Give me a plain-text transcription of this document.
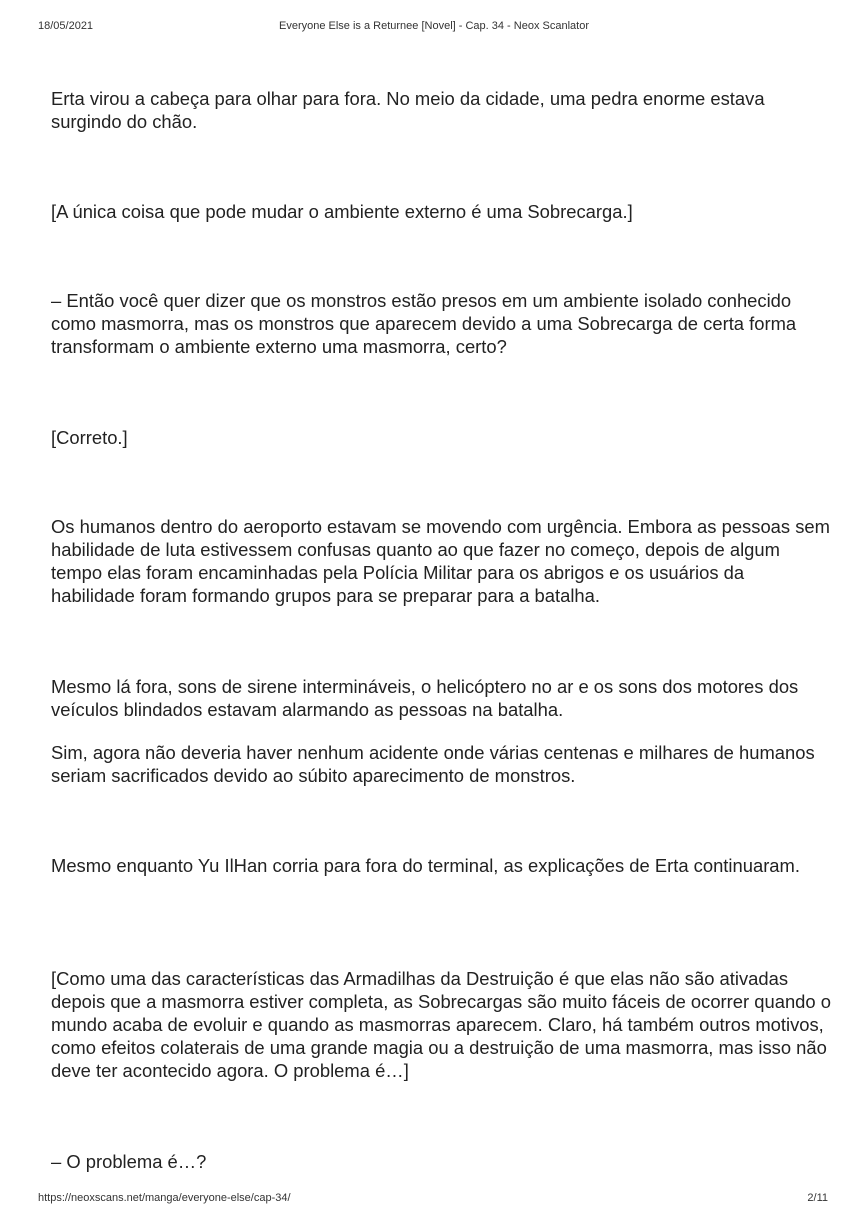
18/05/2021	Everyone Else is a Returnee [Novel] - Cap. 34 - Neox Scanlator

Erta virou a cabeça para olhar para fora. No meio da cidade, uma pedra enorme estava surgindo do chão.

[A única coisa que pode mudar o ambiente externo é uma Sobrecarga.]

– Então você quer dizer que os monstros estão presos em um ambiente isolado conhecido como masmorra, mas os monstros que aparecem devido a uma Sobrecarga de certa forma transformam o ambiente externo uma masmorra, certo?

[Correto.]

Os humanos dentro do aeroporto estavam se movendo com urgência. Embora as pessoas sem habilidade de luta estivessem confusas quanto ao que fazer no começo, depois de algum tempo elas foram encaminhadas pela Polícia Militar para os abrigos e os usuários da habilidade foram formando grupos para se preparar para a batalha.

Mesmo lá fora, sons de sirene intermináveis, o helicóptero no ar e os sons dos motores dos veículos blindados estavam alarmando as pessoas na batalha.

Sim, agora não deveria haver nenhum acidente onde várias centenas e milhares de humanos seriam sacrificados devido ao súbito aparecimento de monstros.

Mesmo enquanto Yu IlHan corria para fora do terminal, as explicações de Erta continuaram.

[Como uma das características das Armadilhas da Destruição é que elas não são ativadas depois que a masmorra estiver completa, as Sobrecargas são muito fáceis de ocorrer quando o mundo acaba de evoluir e quando as masmorras aparecem. Claro, há também outros motivos, como efeitos colaterais de uma grande magia ou a destruição de uma masmorra, mas isso não deve ter acontecido agora. O problema é…]

– O problema é…?

https://neoxscans.net/manga/everyone-else/cap-34/	2/11
